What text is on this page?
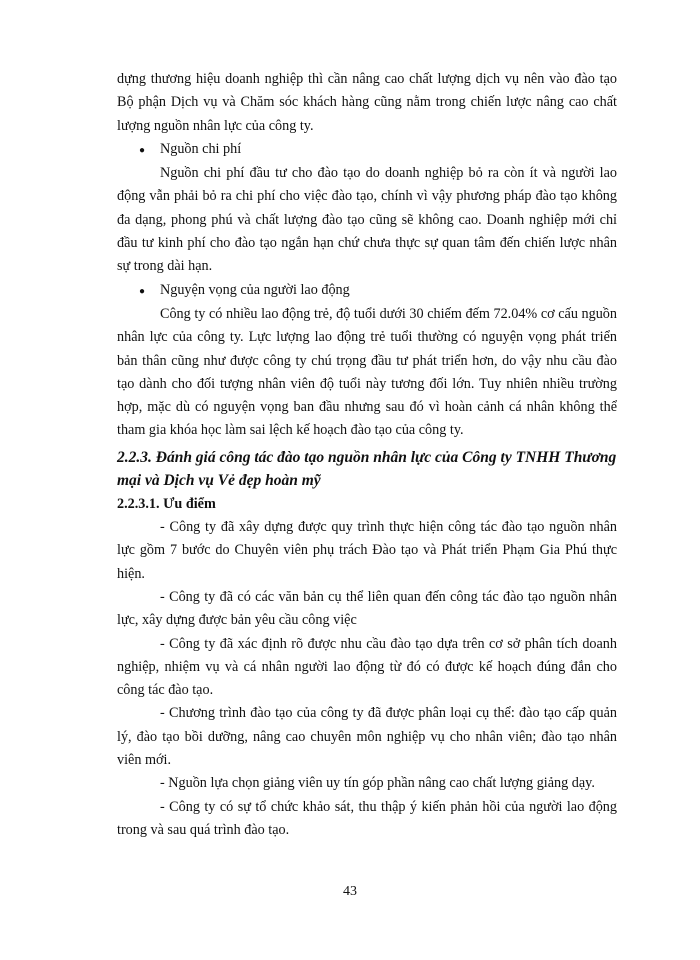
dựng thương hiệu doanh nghiệp thì cần nâng cao chất lượng dịch vụ nên vào đào tạo Bộ phận Dịch vụ và Chăm sóc khách hàng cũng nằm trong chiến lược nâng cao chất lượng nguồn nhân lực của công ty.

●	Nguồn chi phí

Nguồn chi phí đầu tư cho đào tạo do doanh nghiệp bỏ ra còn ít và người lao động vẫn phải bỏ ra chi phí cho việc đào tạo, chính vì vậy phương pháp đào tạo không đa dạng, phong phú và chất lượng đào tạo cũng sẽ không cao. Doanh nghiệp mới chỉ đầu tư kinh phí cho đào tạo ngắn hạn chứ chưa thực sự quan tâm đến chiến lược nhân sự trong dài hạn.

●	Nguyện vọng của người lao động

Công ty có nhiều lao động trẻ, độ tuổi dưới 30 chiếm đếm 72.04% cơ cấu nguồn nhân lực của công ty. Lực lượng lao động trẻ tuổi thường có nguyện vọng phát triển bản thân cũng như được công ty chú trọng đầu tư phát triển hơn, do vậy nhu cầu đào tạo dành cho đối tượng nhân viên độ tuổi này tương đối lớn. Tuy nhiên nhiều trường hợp, mặc dù có nguyện vọng ban đầu nhưng sau đó vì hoàn cảnh cá nhân không thể tham gia khóa học làm sai lệch kế hoạch đào tạo của công ty.

2.2.3. Đánh giá công tác đào tạo nguồn nhân lực của Công ty TNHH Thương mại và Dịch vụ Vẻ đẹp hoàn mỹ

2.2.3.1. Ưu điểm

- Công ty đã xây dựng được quy trình thực hiện công tác đào tạo nguồn nhân lực gồm 7 bước do Chuyên viên phụ trách Đào tạo và Phát triển Phạm Gia Phú thực hiện.

- Công ty đã có các văn bản cụ thể liên quan đến công tác đào tạo nguồn nhân lực, xây dựng được bản yêu cầu công việc

- Công ty đã xác định rõ được nhu cầu đào tạo dựa trên cơ sở phân tích doanh nghiệp, nhiệm vụ và cá nhân người lao động từ đó có được kế hoạch đúng đắn cho công tác đào tạo.

- Chương trình đào tạo của công ty đã được phân loại cụ thể: đào tạo cấp quản lý, đào tạo bồi dưỡng, nâng cao chuyên môn nghiệp vụ cho nhân viên; đào tạo nhân viên mới.

- Nguồn lựa chọn giảng viên uy tín góp phần nâng cao chất lượng giảng dạy.

- Công ty có sự tổ chức khảo sát, thu thập ý kiến phản hồi của người lao động trong và sau quá trình đào tạo.

43
